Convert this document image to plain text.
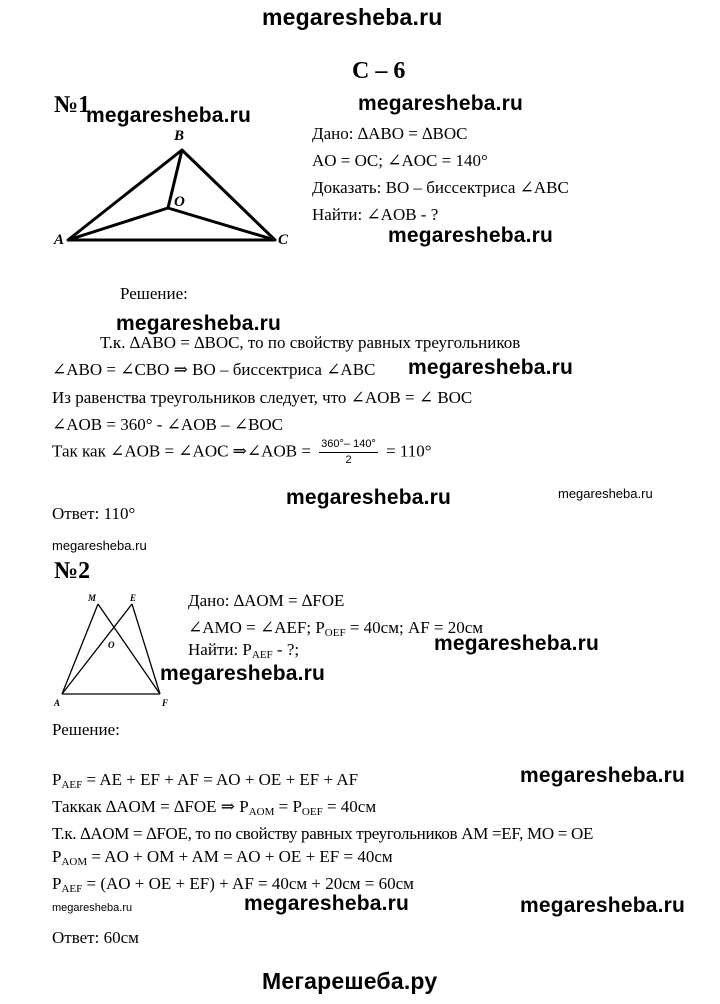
megaresheba.ru
С – 6
№1
megaresheba.ru
megaresheba.ru
B
O
A	C
Дано: ∆ABO = ∆BOC
AO = OC; ∠AOC = 140°
Доказать: BO – биссектриса ∠ABC
Найти: ∠AOB - ?
megaresheba.ru
Решение:
megaresheba.ru
Т.к. ∆ABO = ∆BOC, то по свойству равных треугольников
∠ABO = ∠CBO ⇒ BO – биссектриса ∠ABC megaresheba.ru
Из равенства треугольников следует, что ∠AOB = ∠ BOC
∠AOB = 360° - ∠AOB – ∠BOC
Так как ∠AOB = ∠AOC ⇒∠AOB = $\frac{360^\circ- 140^\circ}{2} = 110^\circ$
megaresheba.ru	megaresheba.ru
Ответ: 110°
megaresheba.ru
№2
M	E
O
A	F
Дано: ∆AOM = ∆FOE
∠AMO = ∠AEF; $P_{OEF} = 40см$; AF = 20см
megaresheba.ru
Найти: $P_{AEF}$ - ?;
megaresheba.ru
Решение:
$P_{AEF}$ = AE + EF + AF = AO + OE + EF + AF	megaresheba.ru
Таккак ∆AOM = ∆FOE ⇒ $P_{AOM} = P_{OEF} = 40см$
Т.к. ∆AOM = ∆FOE, то по свойству равных треугольников AM =EF, MO = OE
$P_{AOM}$ = AO + OM + AM = AO + OE + EF = 40см
$P_{AEF} = (AO$ + OE + EF) + AF = 40см + 20см = 60см
megaresheba.ru	megaresheba.ru	megaresheba.ru
Ответ: 60см
Мегарешеба.ру
